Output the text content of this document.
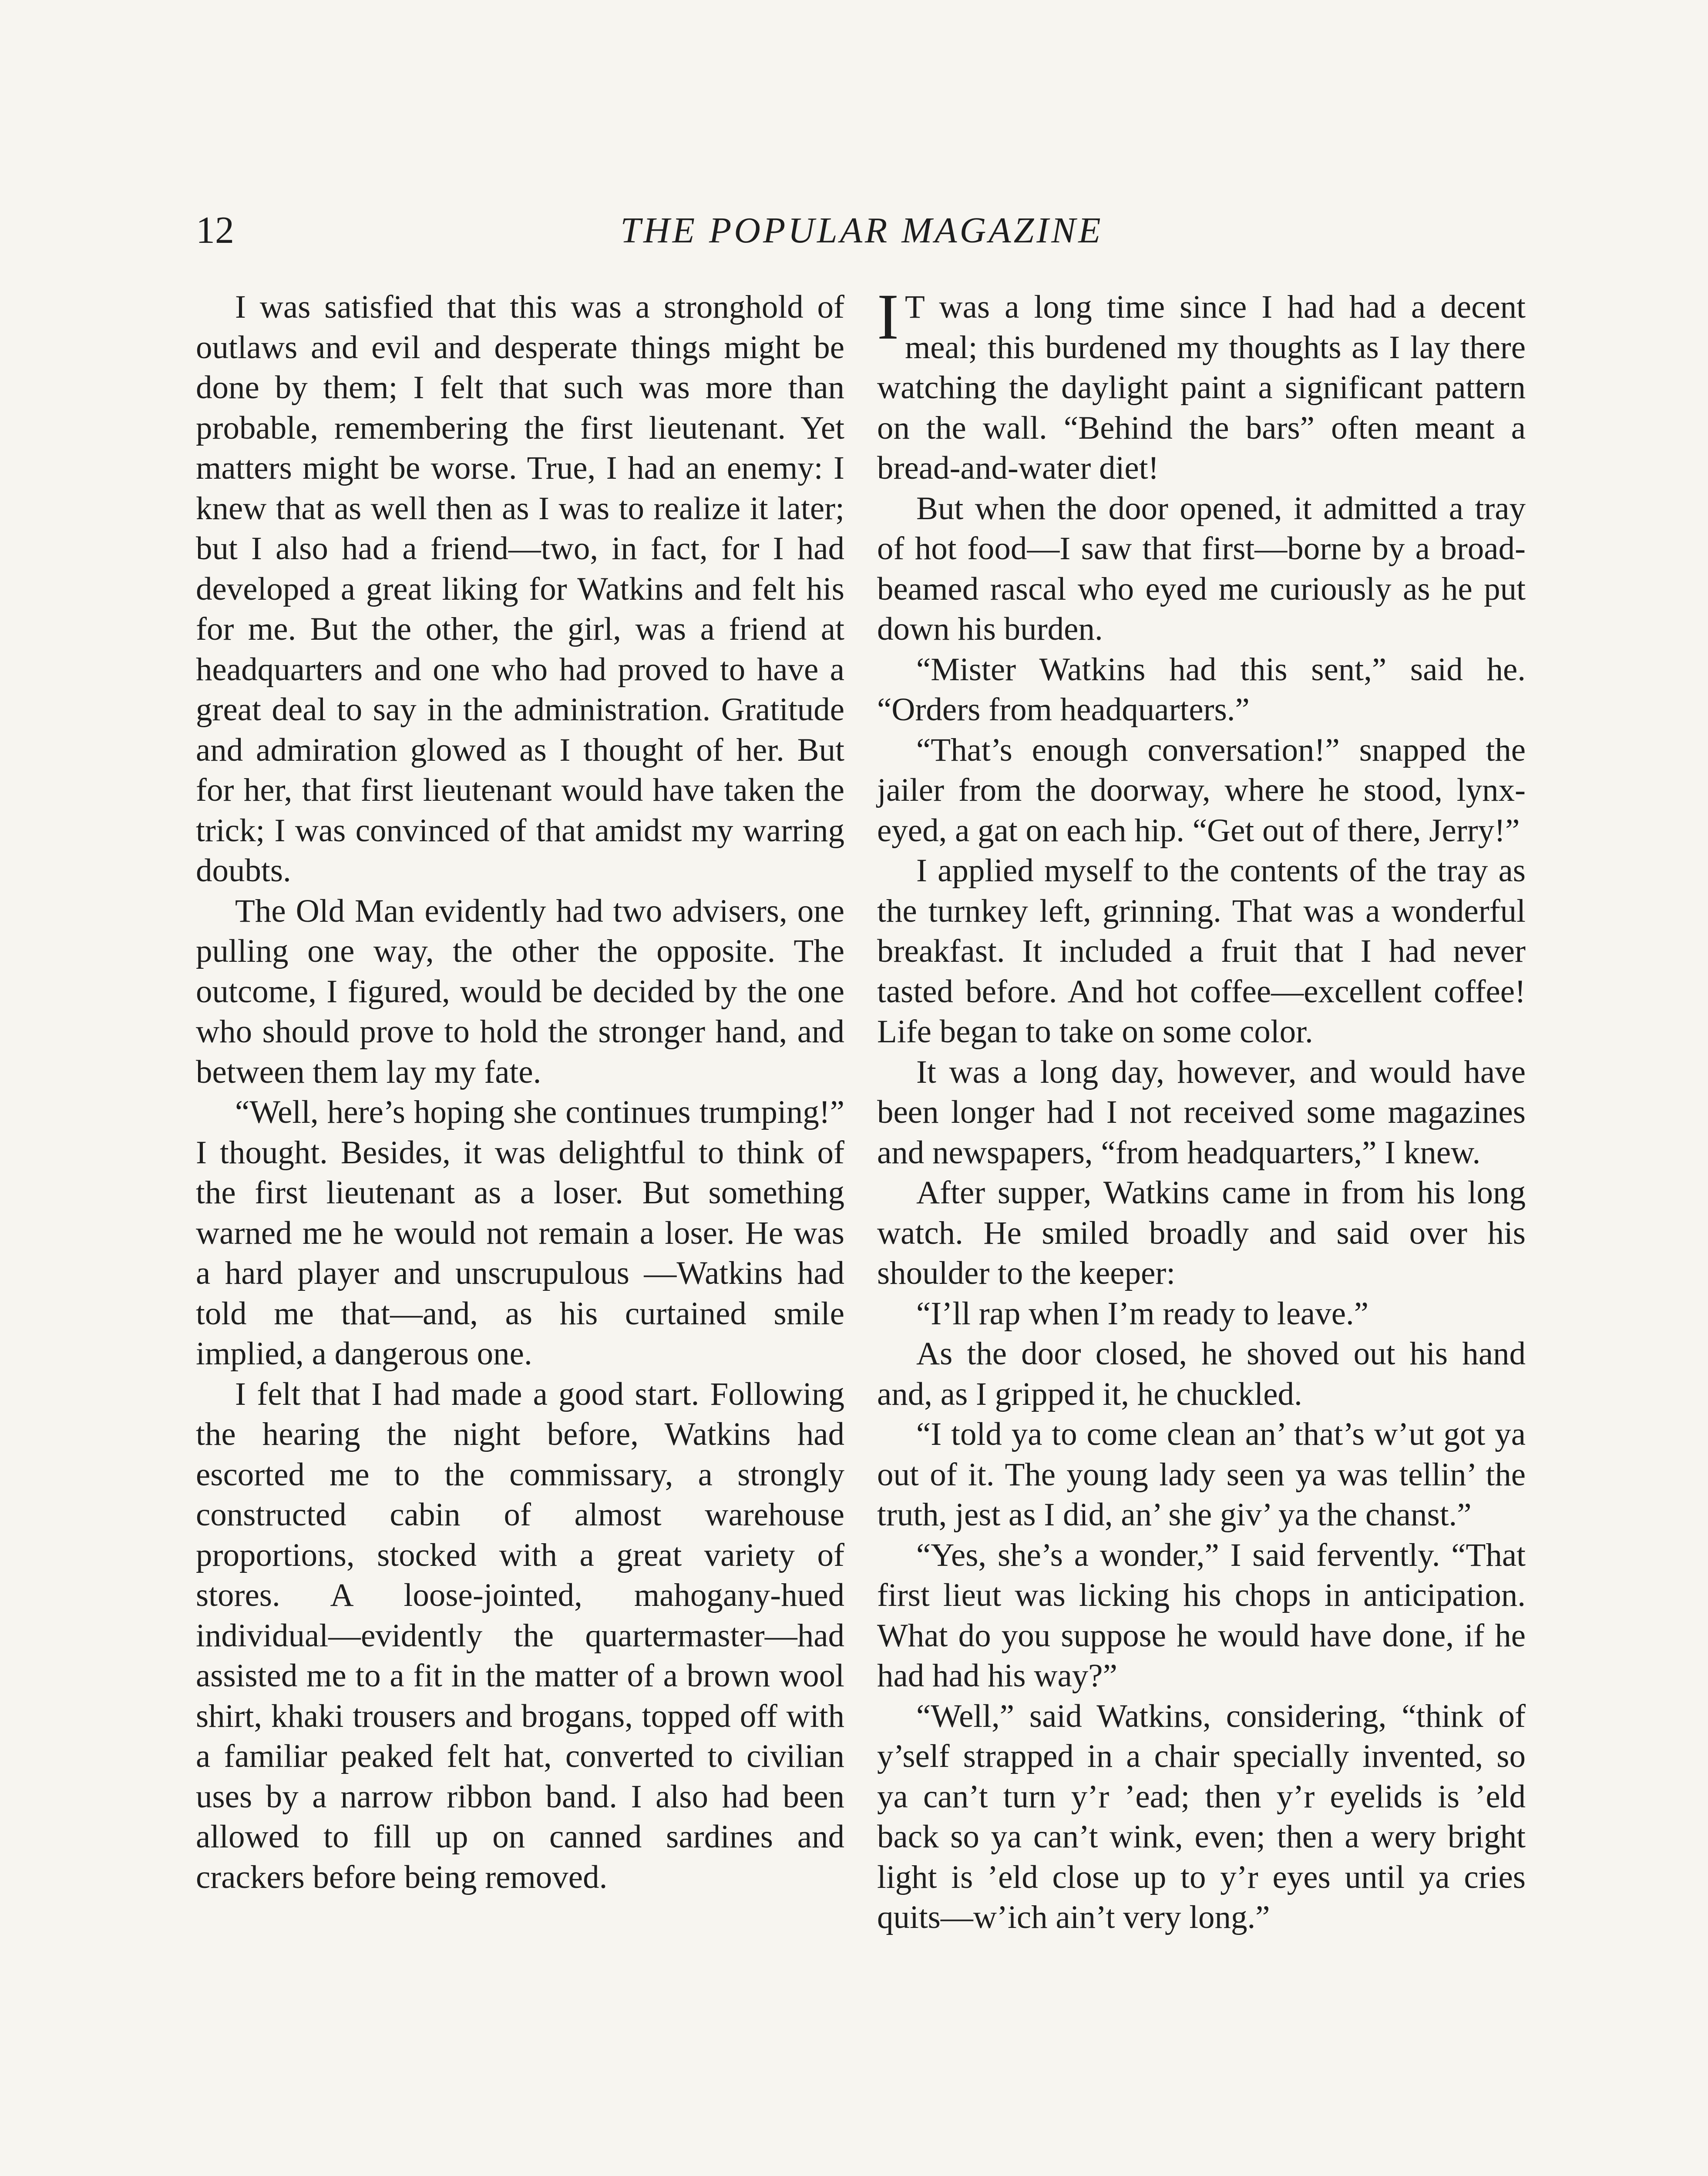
12	THE POPULAR MAGAZINE

I was satisfied that this was a stronghold of outlaws and evil and desperate things might be done by them; I felt that such was more than probable, remembering the first lieutenant. Yet matters might be worse. True, I had an enemy: I knew that as well then as I was to realize it later; but I also had a friend—two, in fact, for I had developed a great liking for Watkins and felt his for me. But the other, the girl, was a friend at headquarters and one who had proved to have a great deal to say in the administration. Gratitude and admiration glowed as I thought of her. But for her, that first lieutenant would have taken the trick; I was convinced of that amidst my warring doubts.

The Old Man evidently had two advisers, one pulling one way, the other the opposite. The outcome, I figured, would be decided by the one who should prove to hold the stronger hand, and between them lay my fate.

“Well, here’s hoping she continues trumping!” I thought. Besides, it was delightful to think of the first lieutenant as a loser. But something warned me he would not remain a loser. He was a hard player and unscrupulous —Watkins had told me that—and, as his curtained smile implied, a dangerous one.

I felt that I had made a good start. Following the hearing the night before, Watkins had escorted me to the commissary, a strongly constructed cabin of almost warehouse proportions, stocked with a great variety of stores. A loose-jointed, mahogany-hued individual—evidently the quartermaster—had assisted me to a fit in the matter of a brown wool shirt, khaki trousers and brogans, topped off with a familiar peaked felt hat, converted to civilian uses by a narrow ribbon band. I also had been allowed to fill up on canned sardines and crackers before being removed.

I T was a long time since I had had a decent meal; this burdened my thoughts as I lay there watching the daylight paint a significant pattern on the wall. “Behind the bars” often meant a bread-and-water diet!

But when the door opened, it admitted a tray of hot food—I saw that first—borne by a broad-beamed rascal who eyed me curiously as he put down his burden.

“Mister Watkins had this sent,” said he. “Orders from headquarters.”

“That’s enough conversation!” snapped the jailer from the doorway, where he stood, lynx-eyed, a gat on each hip. “Get out of there, Jerry!”

I applied myself to the contents of the tray as the turnkey left, grinning. That was a wonderful breakfast. It included a fruit that I had never tasted before. And hot coffee—excellent coffee! Life began to take on some color.

It was a long day, however, and would have been longer had I not received some magazines and newspapers, “from headquarters,” I knew.

After supper, Watkins came in from his long watch. He smiled broadly and said over his shoulder to the keeper:

“I’ll rap when I’m ready to leave.”

As the door closed, he shoved out his hand and, as I gripped it, he chuckled.

“I told ya to come clean an’ that’s w’ut got ya out of it. The young lady seen ya was tellin’ the truth, jest as I did, an’ she giv’ ya the chanst.”

“Yes, she’s a wonder,” I said fervently. “That first lieut was licking his chops in anticipation. What do you suppose he would have done, if he had had his way?”

“Well,” said Watkins, considering, “think of y’self strapped in a chair specially invented, so ya can’t turn y’r ’ead; then y’r eyelids is ’eld back so ya can’t wink, even; then a wery bright light is ’eld close up to y’r eyes until ya cries quits—w’ich ain’t very long.”
